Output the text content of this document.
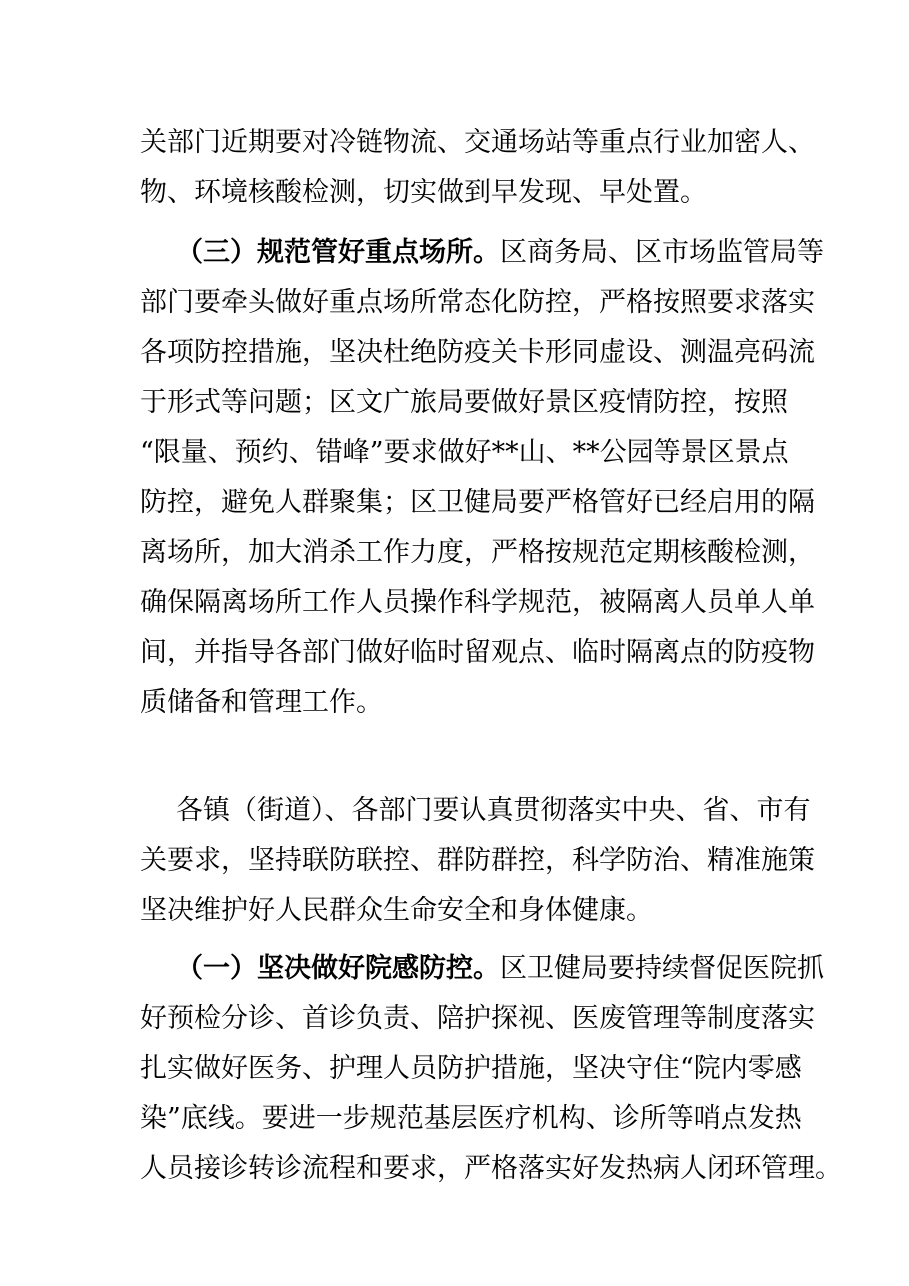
关部门近期要对冷链物流、交通场站等重点行业加密人、
物、环境核酸检测，切实做到早发现、早处置。
（三）规范管好重点场所。区商务局、区市场监管局等
部门要牵头做好重点场所常态化防控，严格按照要求落实
各项防控措施，坚决杜绝防疫关卡形同虚设、测温亮码流
于形式等问题；区文广旅局要做好景区疫情防控，按照
“限量、预约、错峰”要求做好**山、**公园等景区景点
防控，避免人群聚集；区卫健局要严格管好已经启用的隔
离场所，加大消杀工作力度，严格按规范定期核酸检测，
确保隔离场所工作人员操作科学规范，被隔离人员单人单
间，并指导各部门做好临时留观点、临时隔离点的防疫物
质储备和管理工作。
各镇（街道）、各部门要认真贯彻落实中央、省、市有
关要求，坚持联防联控、群防群控，科学防治、精准施策
坚决维护好人民群众生命安全和身体健康。
（一）坚决做好院感防控。区卫健局要持续督促医院抓
好预检分诊、首诊负责、陪护探视、医废管理等制度落实
扎实做好医务、护理人员防护措施，坚决守住“院内零感
染”底线。要进一步规范基层医疗机构、诊所等哨点发热
人员接诊转诊流程和要求，严格落实好发热病人闭环管理。
